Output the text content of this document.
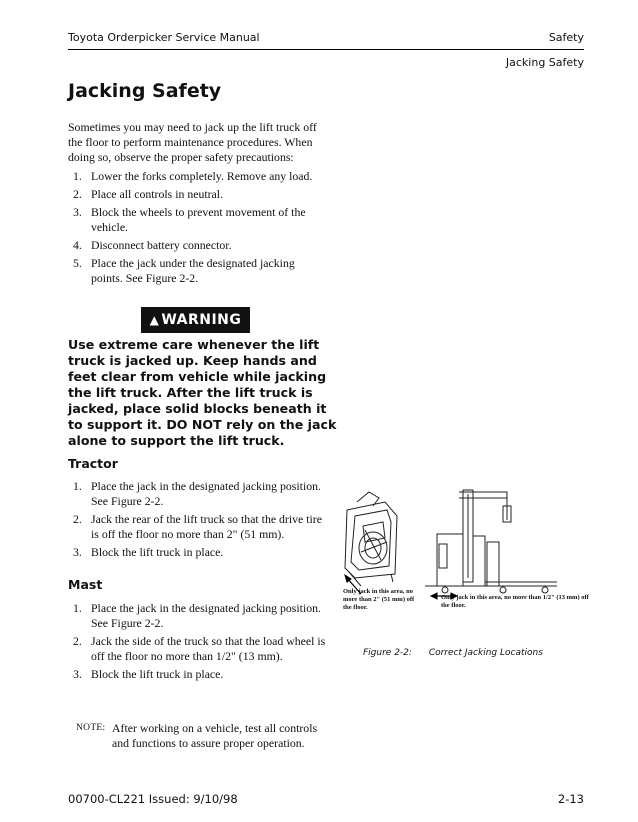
Toyota Orderpicker Service Manual	Safety
Jacking Safety
Jacking Safety
Sometimes you may need to jack up the lift truck off the floor to perform maintenance procedures. When doing so, observe the proper safety precautions:
1. Lower the forks completely. Remove any load.
2. Place all controls in neutral.
3. Block the wheels to prevent movement of the vehicle.
4. Disconnect battery connector.
5. Place the jack under the designated jacking points. See Figure 2-2.
▲ WARNING
Use extreme care whenever the lift truck is jacked up. Keep hands and feet clear from vehicle while jacking the lift truck. After the lift truck is jacked, place solid blocks beneath it to support it. DO NOT rely on the jack alone to support the lift truck.
Tractor
1. Place the jack in the designated jacking position. See Figure 2-2.
2. Jack the rear of the lift truck so that the drive tire is off the floor no more than 2" (51 mm).
3. Block the lift truck in place.
Mast
1. Place the jack in the designated jacking position. See Figure 2-2.
2. Jack the side of the truck so that the load wheel is off the floor no more than 1/2" (13 mm).
3. Block the lift truck in place.
NOTE: After working on a vehicle, test all controls and functions to assure proper operation.
Only jack in this area, no more than 2" (51 mm) off the floor.
Only jack in this area, no more than 1/2" (13 mm) off the floor.
Figure 2-2: Correct Jacking Locations
00700-CL221 Issued: 9/10/98	2-13
